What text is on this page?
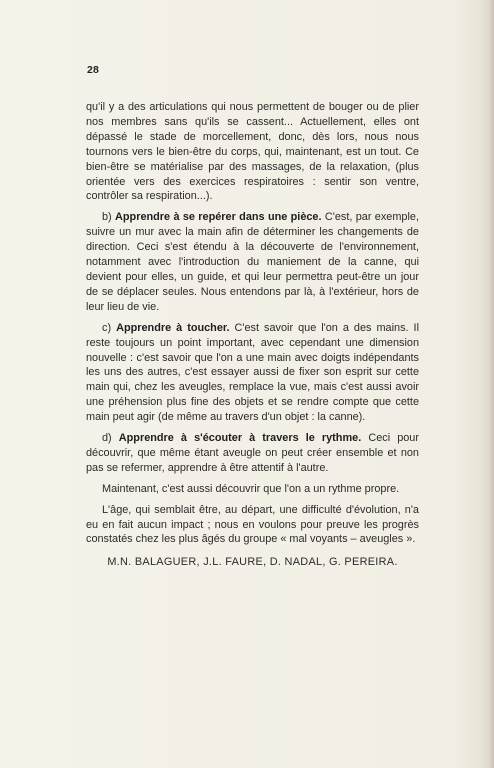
28

qu'il y a des articulations qui nous permettent de bouger ou de plier nos membres sans qu'ils se cassent... Actuellement, elles ont dépassé le stade de morcellement, donc, dès lors, nous nous tournons vers le bien-être du corps, qui, maintenant, est un tout. Ce bien-être se matérialise par des massages, de la relaxation, (plus orientée vers des exercices respiratoires : sentir son ventre, contrôler sa respiration...).

b) Apprendre à se repérer dans une pièce. C'est, par exemple, suivre un mur avec la main afin de déterminer les changements de direction. Ceci s'est étendu à la découverte de l'environnement, notamment avec l'introduction du maniement de la canne, qui devient pour elles, un guide, et qui leur permettra peut-être un jour de se déplacer seules. Nous entendons par là, à l'extérieur, hors de leur lieu de vie.

c) Apprendre à toucher. C'est savoir que l'on a des mains. Il reste toujours un point important, avec cependant une dimension nouvelle : c'est savoir que l'on a une main avec doigts indépendants les uns des autres, c'est essayer aussi de fixer son esprit sur cette main qui, chez les aveugles, remplace la vue, mais c'est aussi avoir une préhension plus fine des objets et se rendre compte que cette main peut agir (de même au travers d'un objet : la canne).

d) Apprendre à s'écouter à travers le rythme. Ceci pour découvrir, que même étant aveugle on peut créer ensemble et non pas se refermer, apprendre à être attentif à l'autre.

Maintenant, c'est aussi découvrir que l'on a un rythme propre.

L'âge, qui semblait être, au départ, une difficulté d'évolution, n'a eu en fait aucun impact ; nous en voulons pour preuve les progrès constatés chez les plus âgés du groupe « mal voyants – aveugles ».

M.N. BALAGUER, J.L. FAURE, D. NADAL, G. PEREIRA.
